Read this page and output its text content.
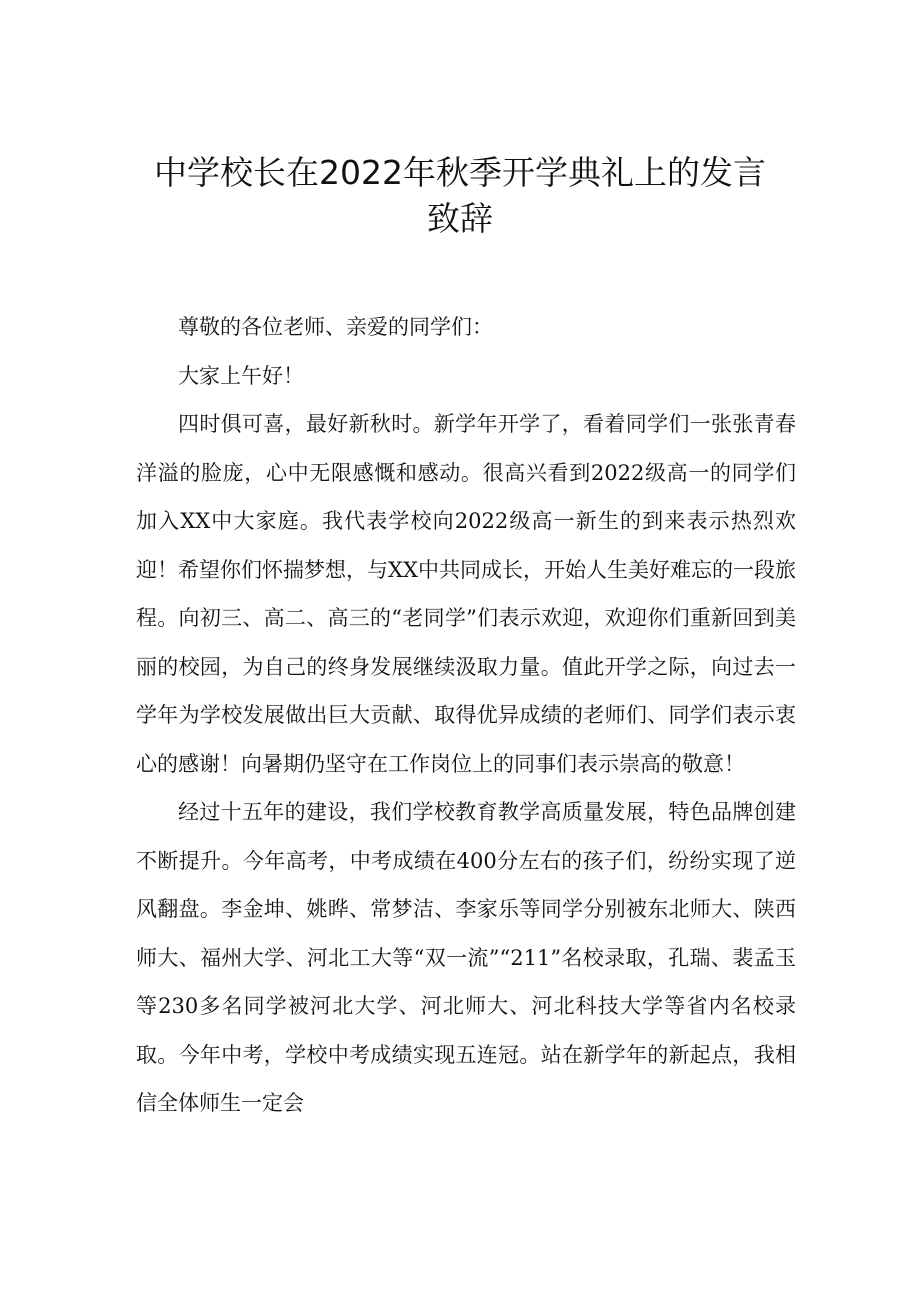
中学校长在2022年秋季开学典礼上的发言
致辞

尊敬的各位老师、亲爱的同学们：

大家上午好！

四时俱可喜，最好新秋时。新学年开学了，看着同学们一张张青春洋溢的脸庞，心中无限感慨和感动。很高兴看到2022级高一的同学们加入XX中大家庭。我代表学校向2022级高一新生的到来表示热烈欢迎！希望你们怀揣梦想，与XX中共同成长，开始人生美好难忘的一段旅程。向初三、高二、高三的“老同学”们表示欢迎，欢迎你们重新回到美丽的校园，为自己的终身发展继续汲取力量。值此开学之际，向过去一学年为学校发展做出巨大贡献、取得优异成绩的老师们、同学们表示衷心的感谢！向暑期仍坚守在工作岗位上的同事们表示崇高的敬意！

经过十五年的建设，我们学校教育教学高质量发展，特色品牌创建不断提升。今年高考，中考成绩在400分左右的孩子们，纷纷实现了逆风翻盘。李金坤、姚晔、常梦洁、李家乐等同学分别被东北师大、陕西师大、福州大学、河北工大等“双一流”“211”名校录取，孔瑞、裴孟玉等230多名同学被河北大学、河北师大、河北科技大学等省内名校录取。今年中考，学校中考成绩实现五连冠。站在新学年的新起点，我相信全体师生一定会
